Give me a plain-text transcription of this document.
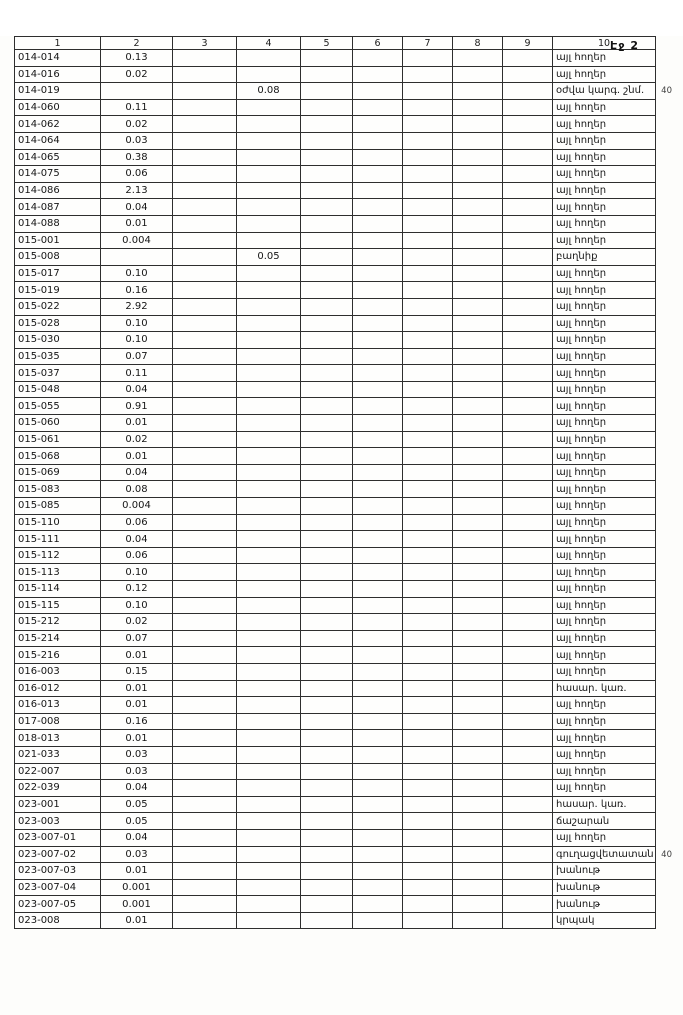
Էջ 2
1	2	3	4	5	6	7	8	9	10
014-014	0.13								այլ հողեր
014-016	0.02								այլ հողեր
014-019			0.08						օժվա կարգ. շնմ. 40

014-060	0.11								այլ հողեր
014-062	0.02								այլ հողեր
014-064	0.03								այլ հողեր
014-065	0.38								այլ հողեր
014-075	0.06								այլ հողեր
014-086	2.13								այլ հողեր
014-087	0.04								այլ հողեր
014-088	0.01								այլ հողեր
015-001	0.004								այլ հողեր
015-008			0.05						բաղնիք
015-017	0.10								այլ հողեր
015-019	0.16								այլ հողեր
015-022	2.92								այլ հողեր
015-028	0.10								այլ հողեր
015-030	0.10								այլ հողեր
015-035	0.07								այլ հողեր
015-037	0.11								այլ հողեր
015-048	0.04								այլ հողեր
015-055	0.91								այլ հողեր
015-060	0.01								այլ հողեր
015-061	0.02								այլ հողեր
015-068	0.01								այլ հողեր
015-069	0.04								այլ հողեր
015-083	0.08								այլ հողեր
015-085	0.004								այլ հողեր
015-110	0.06								այլ հողեր
015-111	0.04								այլ հողեր
015-112	0.06								այլ հողեր
015-113	0.10								այլ հողեր
015-114	0.12								այլ հողեր
015-115	0.10								այլ հողեր
015-212	0.02								այլ հողեր
015-214	0.07								այլ հողեր
015-216	0.01								այլ հողեր
016-003	0.15								այլ հողեր
016-012	0.01								հասար. կառ.
016-013	0.01								այլ հողեր
017-008	0.16								այլ հողեր
018-013	0.01								այլ հողեր
021-033	0.03								այլ հողեր
022-007	0.03								այլ հողեր
022-039	0.04								այլ հողեր
023-001	0.05								հասար. կառ.
023-003	0.05								ճաշարան
023-007-01	0.04								այլ հողեր
023-007-02	0.03								գուղացվետատան 40

023-007-03	0.01								խանութ
023-007-04	0.001								խանութ
023-007-05	0.001								խանութ
023-008	0.01								կրպակ
